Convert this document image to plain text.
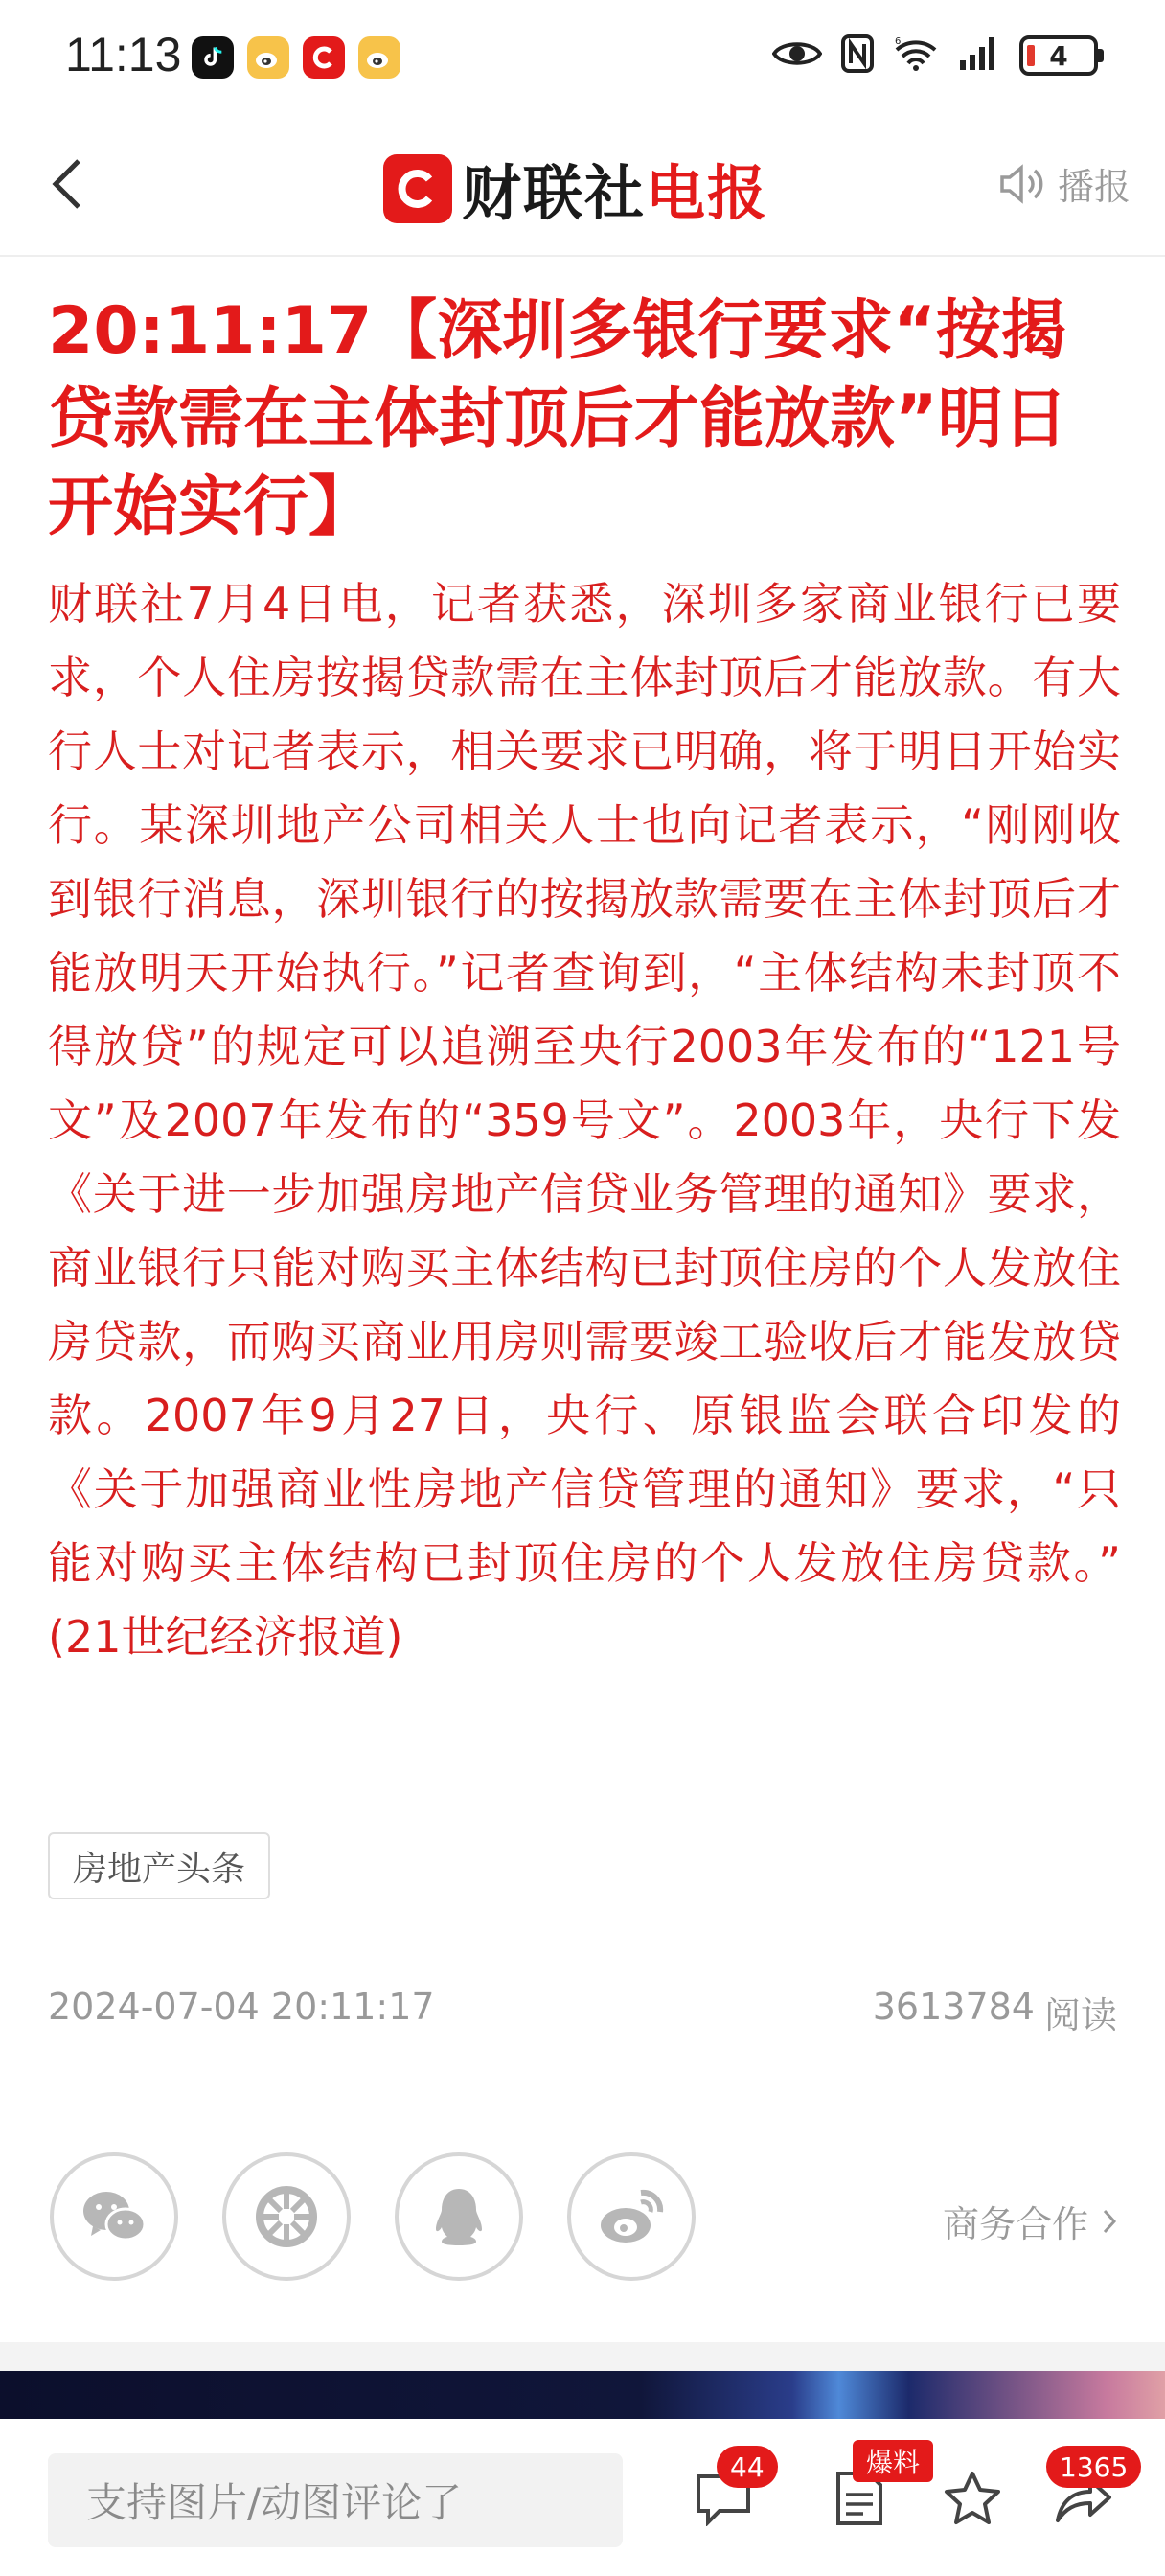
11:13	6	4
财联社电报	播报
20:11:17【深圳多银行要求“按揭贷款需在主体封顶后才能放款”明日开始实行】
财联社7月4日电，记者获悉，深圳多家商业银行已要求，个人住房按揭贷款需在主体封顶后才能放款。有大行人士对记者表示，相关要求已明确，将于明日开始实行。某深圳地产公司相关人士也向记者表示，“刚刚收到银行消息，深圳银行的按揭放款需要在主体封顶后才能放明天开始执行。”记者查询到，“主体结构未封顶不得放贷”的规定可以追溯至央行2003年发布的“121号文”及2007年发布的“359号文”。2003年，央行下发《关于进一步加强房地产信贷业务管理的通知》要求，商业银行只能对购买主体结构已封顶住房的个人发放住房贷款，而购买商业用房则需要竣工验收后才能发放贷款。2007年9月27日，央行、原银监会联合印发的《关于加强商业性房地产信贷管理的通知》要求，“只能对购买主体结构已封顶住房的个人发放住房贷款。” (21世纪经济报道)
房地产头条
2024-07-04 20:11:17	3613784 阅读
商务合作
支持图片/动图评论了
44	爆料	1365
